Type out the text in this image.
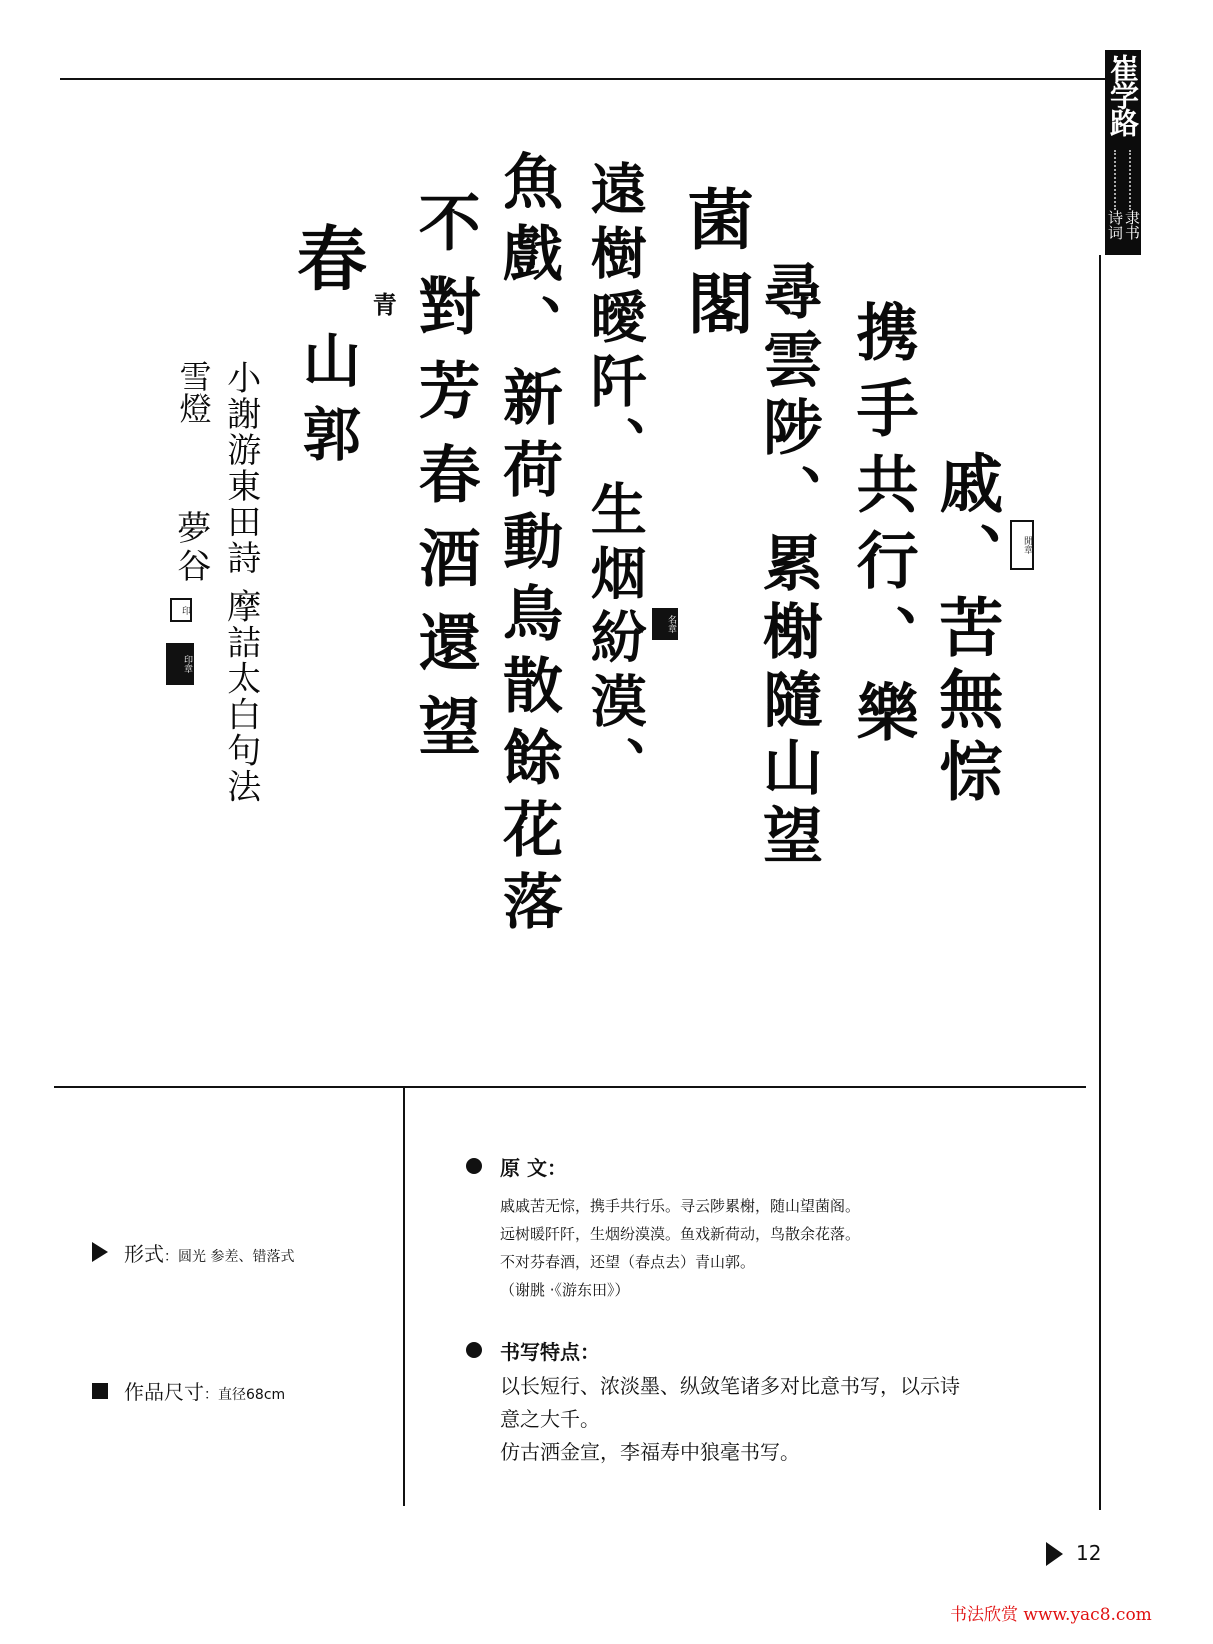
崔学路
诗词 隶书
戚、苦無悰
携手共行、樂
尋雲陟、累榭隨山望
菌閣
遠樹曖阡、生烟紛漠、
魚戲、新荷動鳥散餘花落
不對芳春酒還望
春
青
山郭
小謝游東田詩 摩詰太白句法
雪燈
夢谷
印
印章
閒章
名章
形式：圆光 参差、错落式
作品尺寸：直径68cm
原 文：
戚戚苦无悰，携手共行乐。寻云陟累榭，随山望菌阁。
远树暖阡阡，生烟纷漠漠。鱼戏新荷动，鸟散余花落。
不对芬春酒，还望（春点去）青山郭。
（谢朓 ·《游东田》）
书写特点：
以长短行、浓淡墨、纵敛笔诸多对比意书写，以示诗
意之大千。
仿古洒金宣，李福寿中狼毫书写。
12
书法欣赏 www.yac8.com
